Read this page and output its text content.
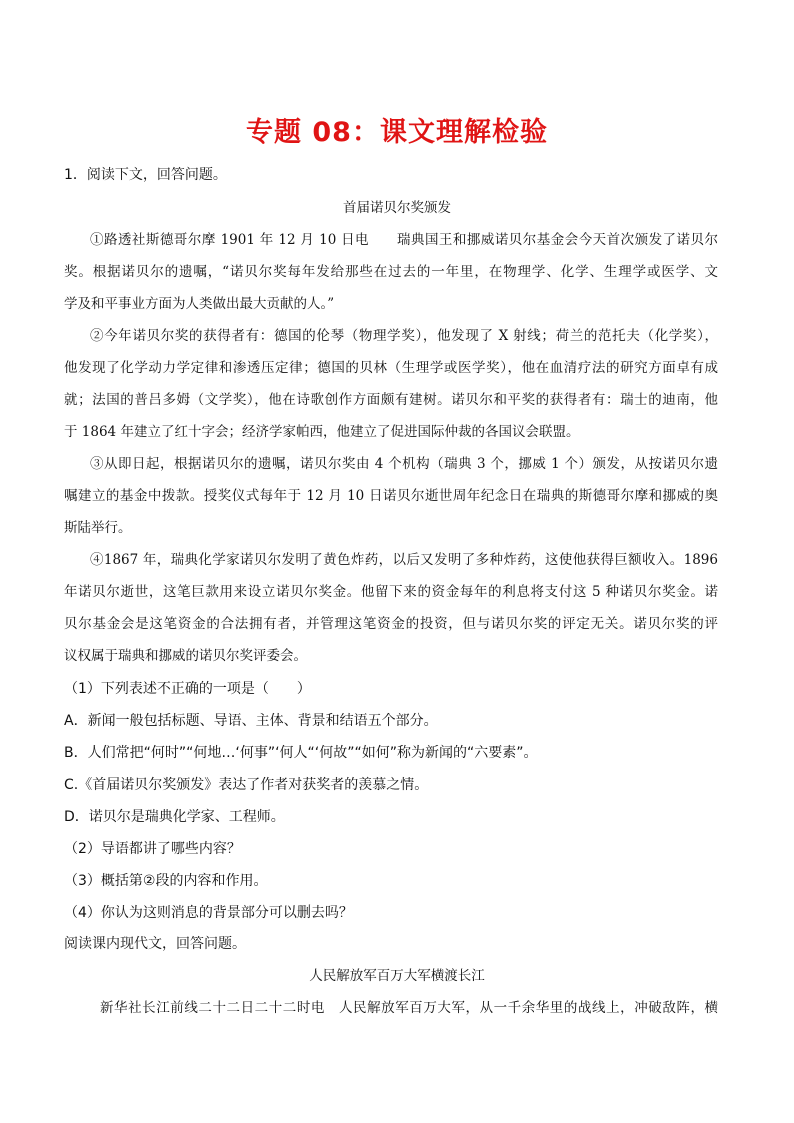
专题 08：课文理解检验
1．阅读下文，回答问题。
首届诺贝尔奖颁发
①路透社斯德哥尔摩 1901 年 12 月 10 日电　　瑞典国王和挪威诺贝尔基金会今天首次颁发了诺贝尔
奖。根据诺贝尔的遗嘱，“诺贝尔奖每年发给那些在过去的一年里，在物理学、化学、生理学或医学、文
学及和平事业方面为人类做出最大贡献的人。”
②今年诺贝尔奖的获得者有：德国的伦琴（物理学奖），他发现了 X 射线；荷兰的范托夫（化学奖），
他发现了化学动力学定律和渗透压定律；德国的贝林（生理学或医学奖），他在血清疗法的研究方面卓有成
就；法国的普吕多姆（文学奖），他在诗歌创作方面颇有建树。诺贝尔和平奖的获得者有：瑞士的迪南，他
于 1864 年建立了红十字会；经济学家帕西，他建立了促进国际仲裁的各国议会联盟。
③从即日起，根据诺贝尔的遗嘱，诺贝尔奖由 4 个机构（瑞典 3 个，挪威 1 个）颁发，从按诺贝尔遗
嘱建立的基金中拨款。授奖仪式每年于 12 月 10 日诺贝尔逝世周年纪念日在瑞典的斯德哥尔摩和挪威的奥
斯陆举行。
④1867 年，瑞典化学家诺贝尔发明了黄色炸药，以后又发明了多种炸药，这使他获得巨额收入。1896
年诺贝尔逝世，这笔巨款用来设立诺贝尔奖金。他留下来的资金每年的利息将支付这 5 种诺贝尔奖金。诺
贝尔基金会是这笔资金的合法拥有者，并管理这笔资金的投资，但与诺贝尔奖的评定无关。诺贝尔奖的评
议权属于瑞典和挪威的诺贝尔奖评委会。
（1）下列表述不正确的一项是（　　）
A．新闻一般包括标题、导语、主体、背景和结语五个部分。
B．人们常把“何时”“何地…‘何事”‘何人“‘何故”“如何”称为新闻的“六要素”。
C.《首届诺贝尔奖颁发》表达了作者对获奖者的羡慕之情。
D．诺贝尔是瑞典化学家、工程师。
（2）导语都讲了哪些内容？
（3）概括第②段的内容和作用。
（4）你认为这则消息的背景部分可以删去吗？
阅读课内现代文，回答问题。
人民解放军百万大军横渡长江
新华社长江前线二十二日二十二时电　人民解放军百万大军，从一千余华里的战线上，冲破敌阵，横
